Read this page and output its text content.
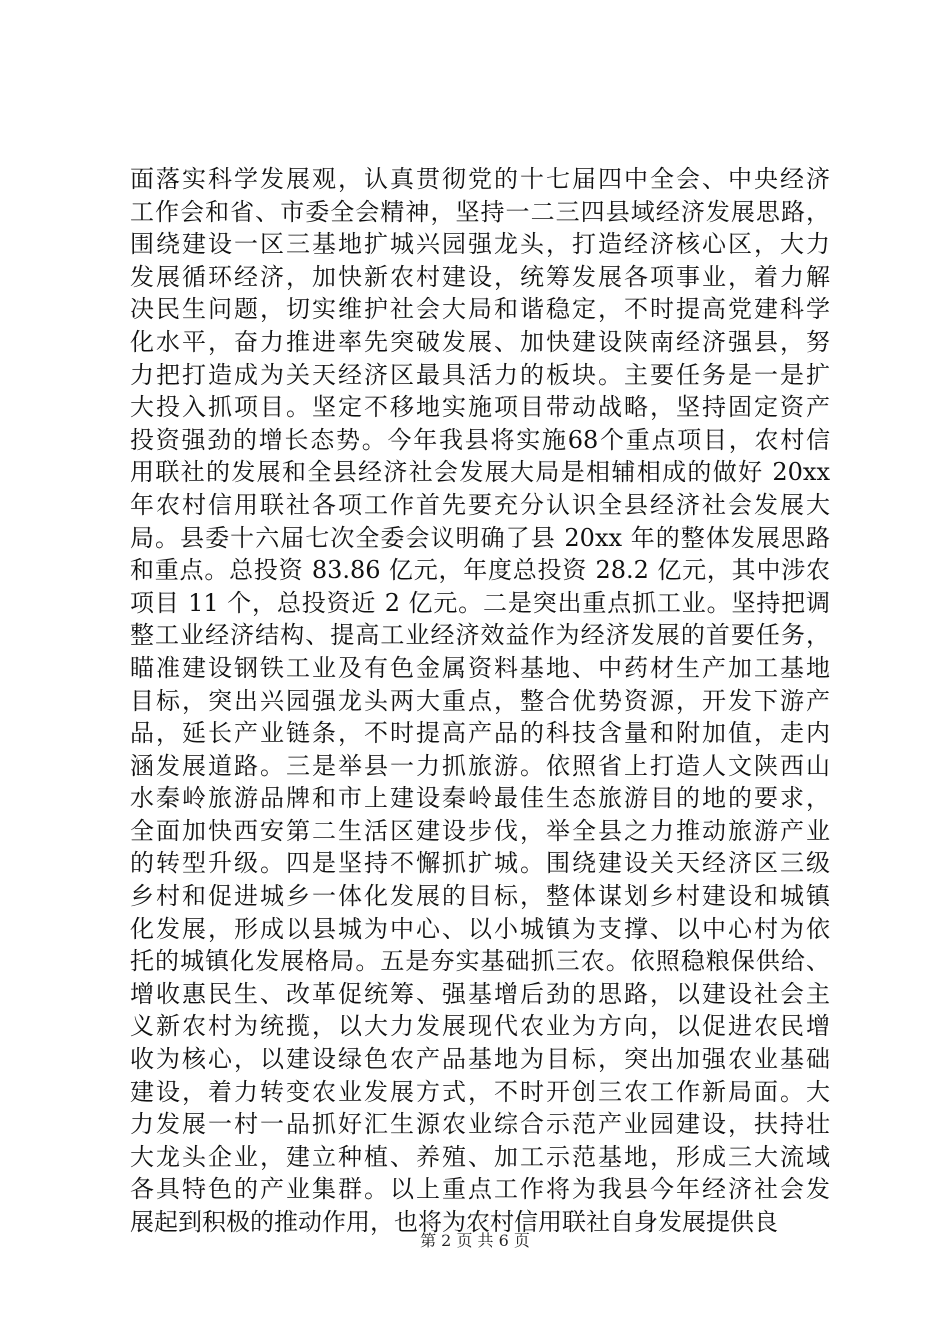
面落实科学发展观，认真贯彻党的十七届四中全会、中央经济
工作会和省、市委全会精神，坚持一二三四县域经济发展思路，
围绕建设一区三基地扩城兴园强龙头，打造经济核心区，大力
发展循环经济，加快新农村建设，统筹发展各项事业，着力解
决民生问题，切实维护社会大局和谐稳定，不时提高党建科学
化水平，奋力推进率先突破发展、加快建设陕南经济强县，努
力把打造成为关天经济区最具活力的板块。主要任务是一是扩
大投入抓项目。坚定不移地实施项目带动战略，坚持固定资产
投资强劲的增长态势。今年我县将实施68个重点项目，农村信
用联社的发展和全县经济社会发展大局是相辅相成的做好 20xx
年农村信用联社各项工作首先要充分认识全县经济社会发展大
局。县委十六届七次全委会议明确了县 20xx 年的整体发展思路
和重点。总投资 83.86 亿元，年度总投资 28.2 亿元，其中涉农
项目 11 个，总投资近 2 亿元。二是突出重点抓工业。坚持把调
整工业经济结构、提高工业经济效益作为经济发展的首要任务，
瞄准建设钢铁工业及有色金属资料基地、中药材生产加工基地
目标，突出兴园强龙头两大重点，整合优势资源，开发下游产
品，延长产业链条，不时提高产品的科技含量和附加值，走内
涵发展道路。三是举县一力抓旅游。依照省上打造人文陕西山
水秦岭旅游品牌和市上建设秦岭最佳生态旅游目的地的要求，
全面加快西安第二生活区建设步伐，举全县之力推动旅游产业
的转型升级。四是坚持不懈抓扩城。围绕建设关天经济区三级
乡村和促进城乡一体化发展的目标，整体谋划乡村建设和城镇
化发展，形成以县城为中心、以小城镇为支撑、以中心村为依
托的城镇化发展格局。五是夯实基础抓三农。依照稳粮保供给、
增收惠民生、改革促统筹、强基增后劲的思路，以建设社会主
义新农村为统揽，以大力发展现代农业为方向，以促进农民增
收为核心，以建设绿色农产品基地为目标，突出加强农业基础
建设，着力转变农业发展方式，不时开创三农工作新局面。大
力发展一村一品抓好汇生源农业综合示范产业园建设，扶持壮
大龙头企业，建立种植、养殖、加工示范基地，形成三大流域
各具特色的产业集群。以上重点工作将为我县今年经济社会发
展起到积极的推动作用，也将为农村信用联社自身发展提供良
第 2 页 共 6 页
